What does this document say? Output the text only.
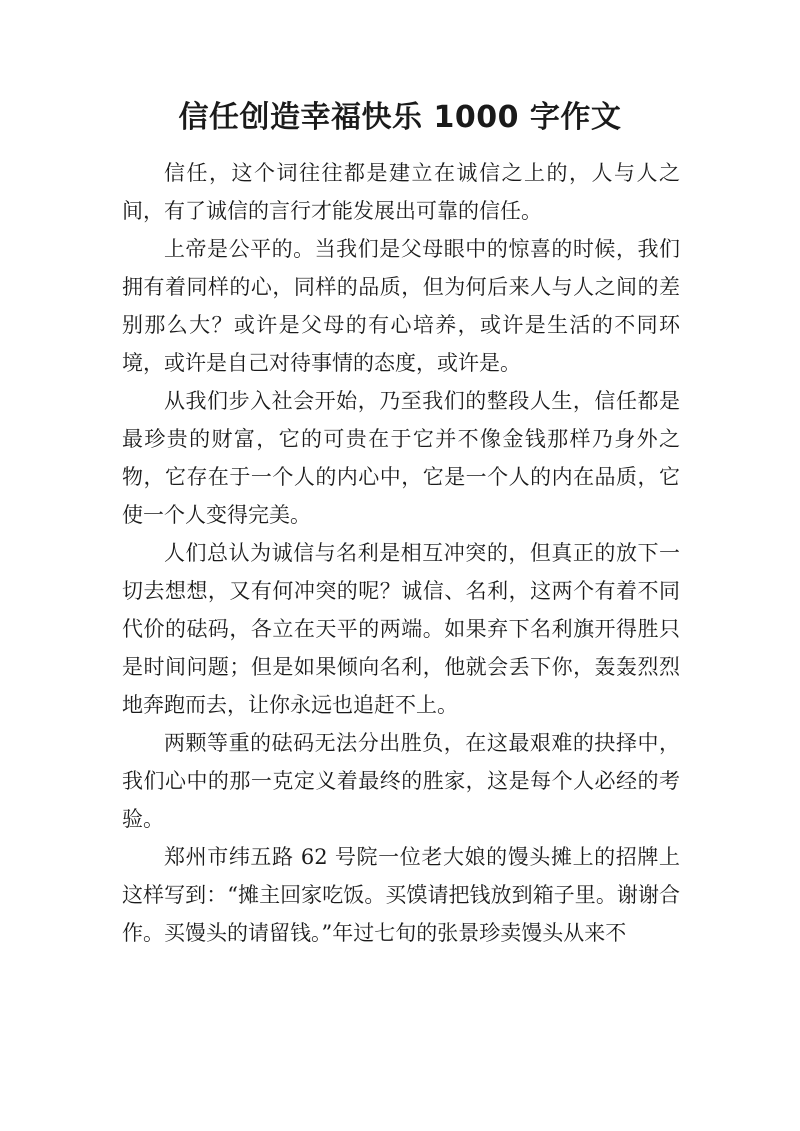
信任创造幸福快乐 1000 字作文

信任，这个词往往都是建立在诚信之上的，人与人之间，有了诚信的言行才能发展出可靠的信任。

上帝是公平的。当我们是父母眼中的惊喜的时候，我们拥有着同样的心，同样的品质，但为何后来人与人之间的差别那么大？或许是父母的有心培养，或许是生活的不同环境，或许是自己对待事情的态度，或许是。

从我们步入社会开始，乃至我们的整段人生，信任都是最珍贵的财富，它的可贵在于它并不像金钱那样乃身外之物，它存在于一个人的内心中，它是一个人的内在品质，它使一个人变得完美。

人们总认为诚信与名利是相互冲突的，但真正的放下一切去想想，又有何冲突的呢？诚信、名利，这两个有着不同代价的砝码，各立在天平的两端。如果弃下名利旗开得胜只是时间问题；但是如果倾向名利，他就会丢下你，轰轰烈烈地奔跑而去，让你永远也追赶不上。

两颗等重的砝码无法分出胜负，在这最艰难的抉择中，我们心中的那一克定义着最终的胜家，这是每个人必经的考验。

郑州市纬五路 62 号院一位老大娘的馒头摊上的招牌上这样写到：“摊主回家吃饭。买馍请把钱放到箱子里。谢谢合作。买馒头的请留钱。”年过七旬的张景珍卖馒头从来不
